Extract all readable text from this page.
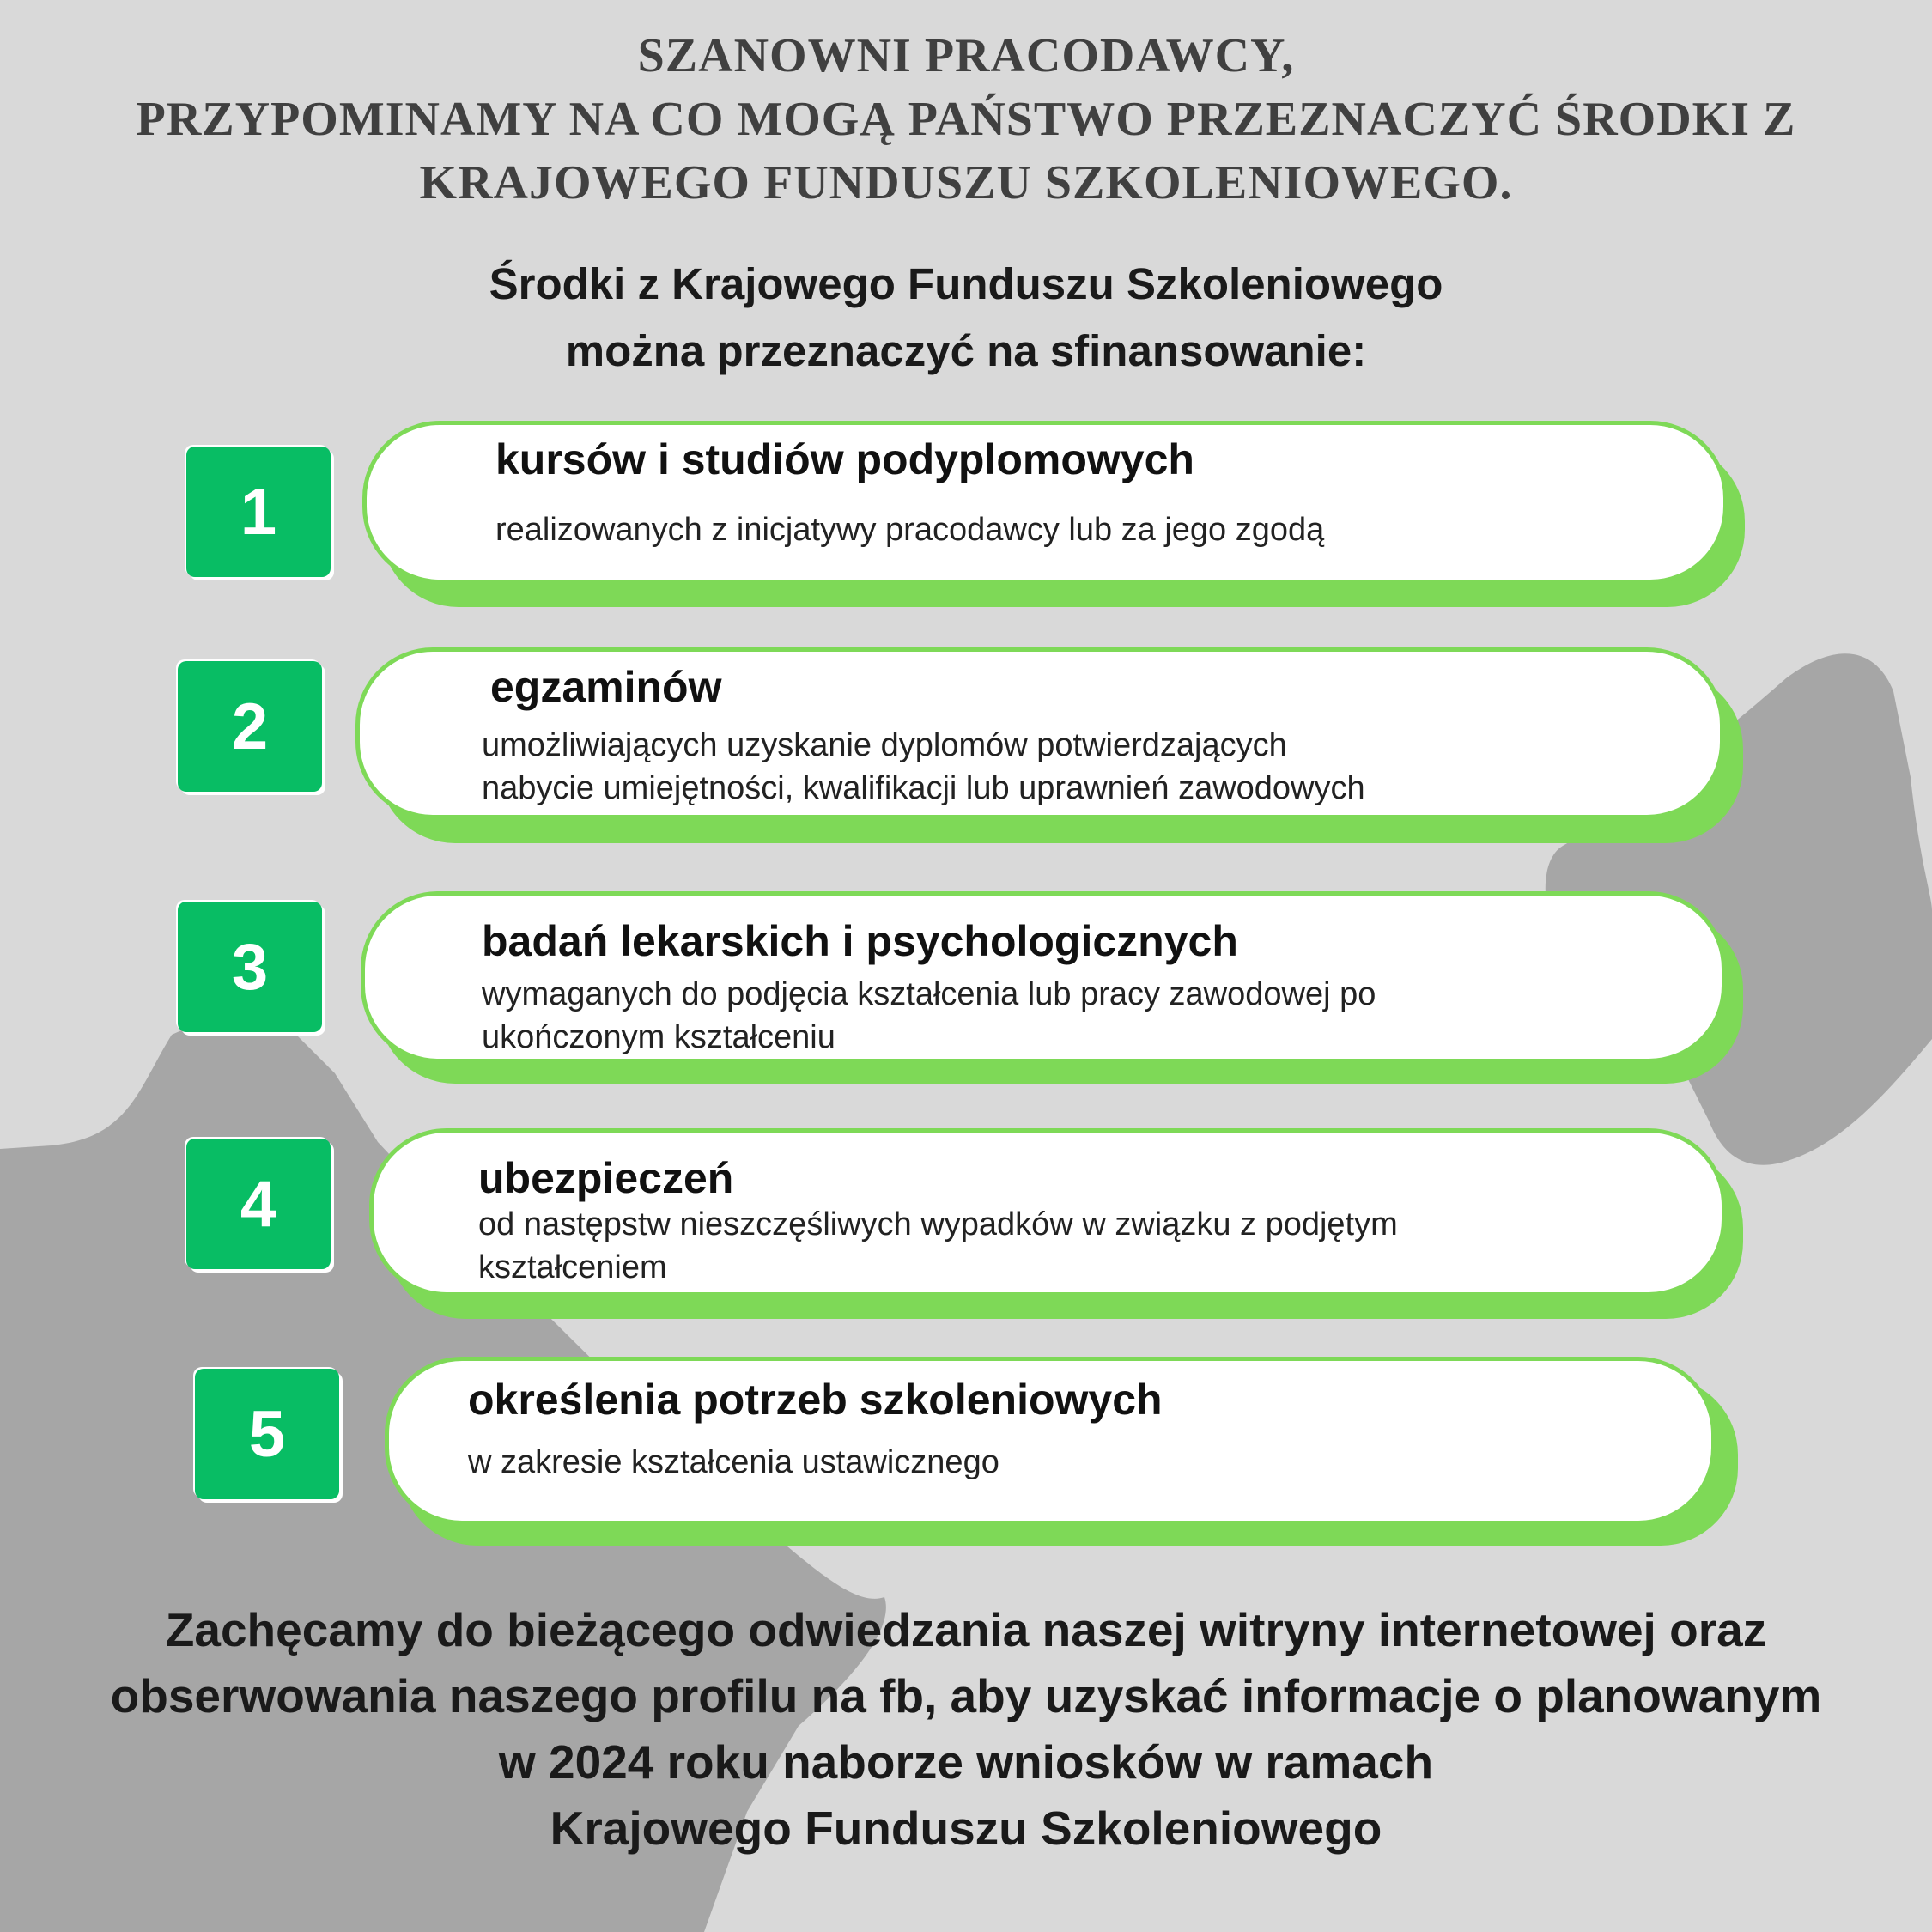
SZANOWNI PRACODAWCY,
PRZYPOMINAMY NA CO MOGĄ PAŃSTWO PRZEZNACZYĆ ŚRODKI Z
KRAJOWEGO FUNDUSZU SZKOLENIOWEGO.
Środki z Krajowego Funduszu Szkoleniowego
można przeznaczyć na sfinansowanie:
1
kursów i studiów podyplomowych
realizowanych z inicjatywy pracodawcy lub za jego zgodą
2
egzaminów
umożliwiających uzyskanie dyplomów potwierdzających
nabycie umiejętności, kwalifikacji lub uprawnień zawodowych
3	badań lekarskich i psychologicznych
wymaganych do podjęcia kształcenia lub pracy zawodowej po
ukończonym kształceniu
4	ubezpieczeń
od następstw nieszczęśliwych wypadków w związku z podjętym
kształceniem
5	określenia potrzeb szkoleniowych
w zakresie kształcenia ustawicznego
Zachęcamy do bieżącego odwiedzania naszej witryny internetowej oraz
obserwowania naszego profilu na fb, aby uzyskać informacje o planowanym
w 2024 roku naborze wniosków w ramach
Krajowego Funduszu Szkoleniowego
